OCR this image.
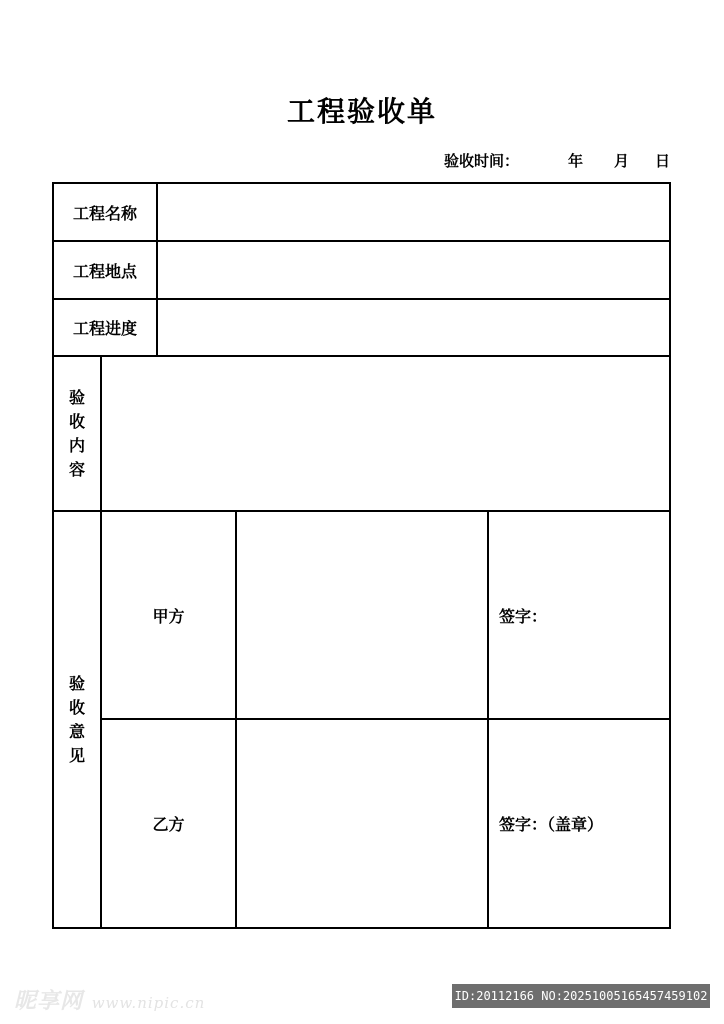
工程验收单
验收时间：	年 月 日
工程名称				
工程地点				
工程进度				

验
收
内
容				

验
收
意
见	甲方			签字：
	乙方			签字：（盖章）
昵享网 www.nipic.cn	ID:20112166 NO:20251005165457459102
